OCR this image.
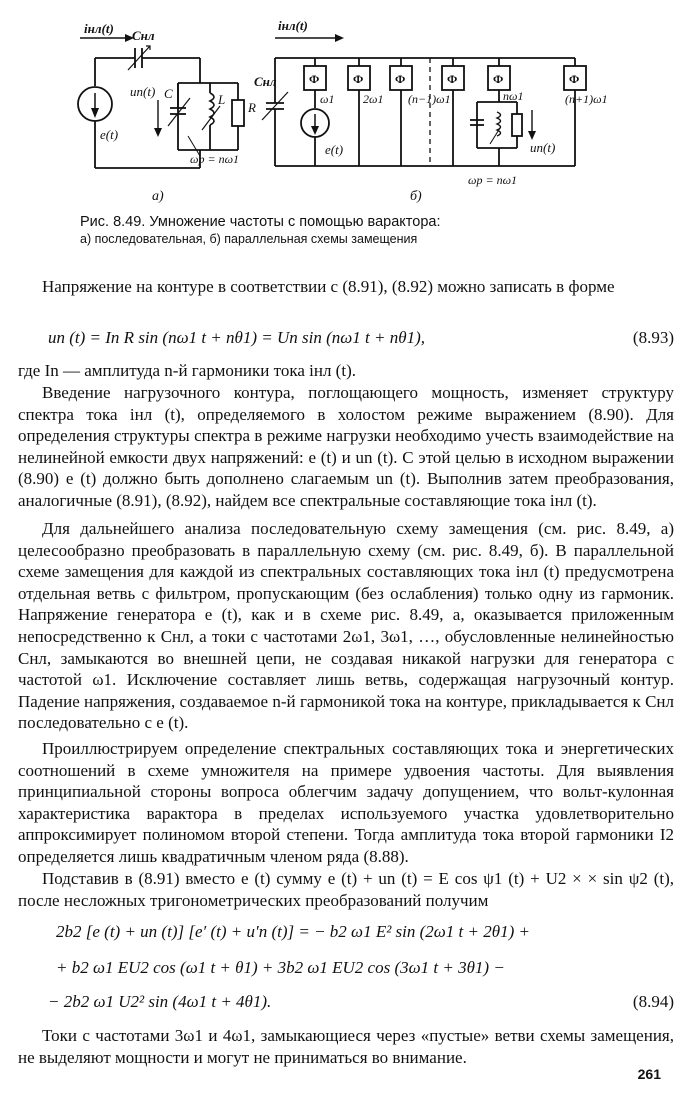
iнл(t) Cнл
un(t)
e(t)
C	L
R
ωр = nω1
а)
iнл(t)
Cнл	Ф	Ф	Ф	Ф	Ф	Ф
ω1 2ω1 (n−1)ω1	nω1	(n+1)ω1
e(t)	un(t)
ωр = nω1
б)
Рис. 8.49. Умножение частоты с помощью варактора:
а) последовательная, б) параллельная схемы замещения

Напряжение на контуре в соответствии с (8.91), (8.92) можно записать в форме

un (t) = In R sin (nω1 t + nθ1) = Un sin (nω1 t + nθ1),	(8.93)

где In — амплитуда n-й гармоники тока iнл (t).

Введение нагрузочного контура, поглощающего мощность, изменяет структуру спектра тока iнл (t), определяемого в холостом режиме выражением (8.90). Для определения структуры спектра в режиме нагрузки необходимо учесть взаимодействие на нелинейной емкости двух напряжений: e (t) и un (t). С этой целью в исходном выражении (8.90) e (t) должно быть дополнено слагаемым un (t). Выполнив затем преобразования, аналогичные (8.91), (8.92), найдем все спектральные составляющие тока iнл (t).

Для дальнейшего анализа последовательную схему замещения (см. рис. 8.49, а) целесообразно преобразовать в параллельную схему (см. рис. 8.49, б). В параллельной схеме замещения для каждой из спектральных составляющих тока iнл (t) предусмотрена отдельная ветвь с фильтром, пропускающим (без ослабления) только одну из гармоник. Напряжение генератора e (t), как и в схеме рис. 8.49, а, оказывается приложенным непосредственно к Cнл, а токи с частотами 2ω1, 3ω1, …, обусловленные нелинейностью Cнл, замыкаются во внешней цепи, не создавая никакой нагрузки для генератора с частотой ω1. Исключение составляет лишь ветвь, содержащая нагрузочный контур. Падение напряжения, создаваемое n-й гармоникой тока на контуре, прикладывается к Cнл последовательно с e (t).

Проиллюстрируем определение спектральных составляющих тока и энергетических соотношений в схеме умножителя на примере удвоения частоты. Для выявления принципиальной стороны вопроса облегчим задачу допущением, что вольт-кулонная характеристика варактора в пределах используемого участка удовлетворительно аппроксимирует полиномом второй степени. Тогда амплитуда тока второй гармоники I2 определяется лишь квадратичным членом ряда (8.88).

Подставив в (8.91) вместо e (t) сумму e (t) + un (t) = E cos ψ1 (t) + U2 × × sin ψ2 (t), после несложных тригонометрических преобразований получим

2b2 [e (t) + un (t)] [e′ (t) + u′n (t)] = − b2 ω1 E² sin (2ω1 t + 2θ1) +
+ b2 ω1 EU2 cos (ω1 t + θ1) + 3b2 ω1 EU2 cos (3ω1 t + 3θ1) −
− 2b2 ω1 U2² sin (4ω1 t + 4θ1).	(8.94)

Токи с частотами 3ω1 и 4ω1, замыкающиеся через «пустые» ветви схемы замещения, не выделяют мощности и могут не приниматься во внимание.

261
